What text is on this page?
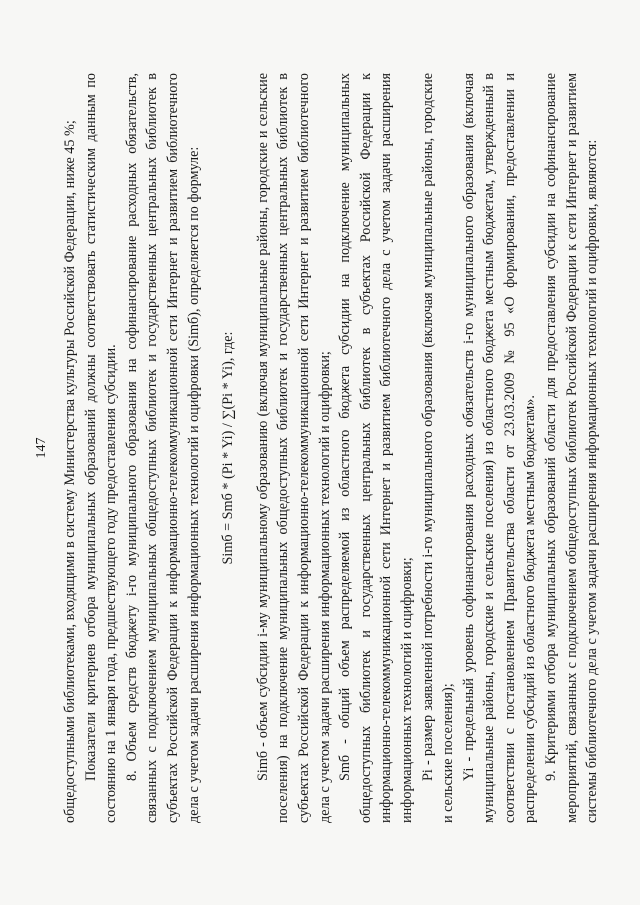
147 общедоступными библиотеками, входящими в систему Министерства культуры Российской Федерации, ниже 45 %; Показатели критериев отбора муниципальных образований должны соответствовать статистическим данным по состоянию на 1 января года, предшествующего году предоставления субсидии. 8. Объем средств бюджету i-го муниципального образования на софинансирование расходных обязательств, связанных с подключением муниципальных общедоступных библиотек и государственных центральных библиотек в субъектах Российской Федерации к информационно-телекоммуникационной сети Интернет и развитием библиотечного дела с учетом задачи расширения информационных технологий и оцифровки (Simб), определяется по формуле: Simб = Smб * (Pi * Yi) / ∑(Pi * Yi), где: Simб - объем субсидии i-му муниципальному образованию (включая муниципальные районы, городские и сельские поселения) на подключение муниципальных общедоступных библиотек и государственных центральных библиотек в субъектах Российской Федерации к информационно-телекоммуникационной сети Интернет и развитием библиотечного дела с учетом задачи расширения информационных технологий и оцифровки; Smб - общий объем распределяемой из областного бюджета субсидии на подключение муниципальных общедоступных библиотек и государственных центральных библиотек в субъектах Российской Федерации к информационно-телекоммуникационной сети Интернет и развитием библиотечного дела с учетом задачи расширения информационных технологий и оцифровки; Pi - размер заявленной потребности i-го муниципального образования (включая муниципальные районы, городские и сельские поселения); Yi - предельный уровень софинансирования расходных обязательств i-го муниципального образования (включая муниципальные районы, городские и сельские поселения) из областного бюджета местным бюджетам, утвержденный в соответствии с постановлением Правительства области от 23.03.2009 № 95 «О формировании, предоставлении и распределении субсидий из областного бюджета местным бюджетам». 9. Критериями отбора муниципальных образований области для предоставления субсидии на софинансирование мероприятий, связанных с подключением общедоступных библиотек Российской Федерации к сети Интернет и развитием системы библиотечного дела с учетом задачи расширения информационных технологий и оцифровки, являются:
